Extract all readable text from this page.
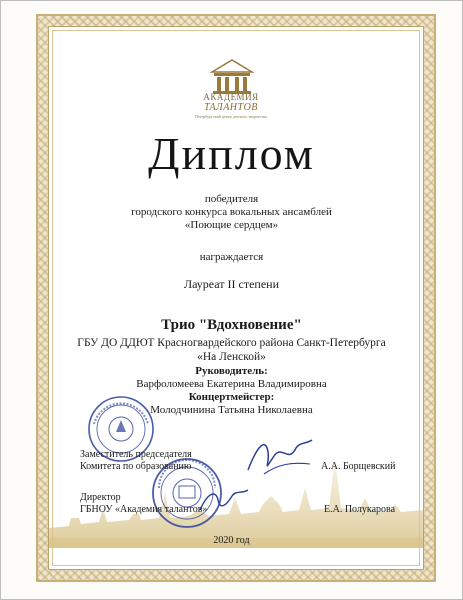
АКАДЕМИЯ
ТАЛАНТОВ
Петербургский центр детского творчества
Диплом
победителя
городского конкурса вокальных ансамблей
«Поющие сердцем»
награждается
Лауреат II степени
Трио "Вдохновение"
ГБУ ДО ДДЮТ Красногвардейского района Санкт-Петербурга
«На Ленской»
Руководитель:
Варфоломеева Екатерина Владимировна
Концертмейстер:
Молодчинина Татьяна Николаевна
Заместитель председателя
Комитета по образованию	А.А. Борщевский
Директор
ГБНОУ «Академия талантов»	Е.А. Полукарова
2020 год
